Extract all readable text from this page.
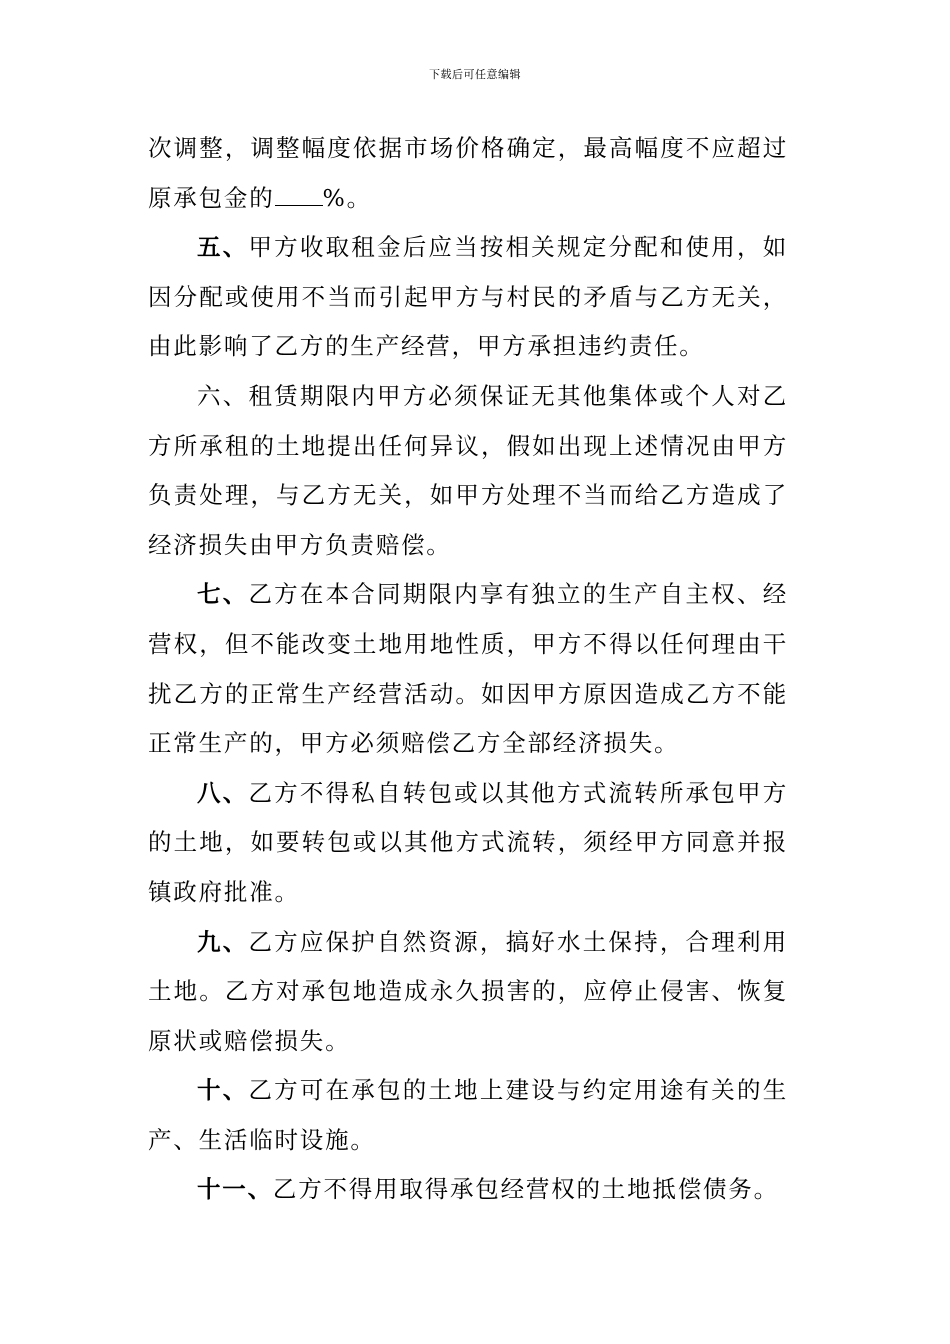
下载后可任意编辑

次调整，调整幅度依据市场价格确定，最高幅度不应超过原承包金的 %。

五、甲方收取租金后应当按相关规定分配和使用，如因分配或使用不当而引起甲方与村民的矛盾与乙方无关，由此影响了乙方的生产经营，甲方承担违约责任。

六、租赁期限内甲方必须保证无其他集体或个人对乙方所承租的土地提出任何异议，假如出现上述情况由甲方负责处理，与乙方无关，如甲方处理不当而给乙方造成了经济损失由甲方负责赔偿。

七、乙方在本合同期限内享有独立的生产自主权、经营权，但不能改变土地用地性质，甲方不得以任何理由干扰乙方的正常生产经营活动。如因甲方原因造成乙方不能正常生产的，甲方必须赔偿乙方全部经济损失。

八、乙方不得私自转包或以其他方式流转所承包甲方的土地，如要转包或以其他方式流转，须经甲方同意并报镇政府批准。

九、乙方应保护自然资源，搞好水土保持，合理利用土地。乙方对承包地造成永久损害的，应停止侵害、恢复原状或赔偿损失。

十、乙方可在承包的土地上建设与约定用途有关的生产、生活临时设施。

十一、乙方不得用取得承包经营权的土地抵偿债务。
